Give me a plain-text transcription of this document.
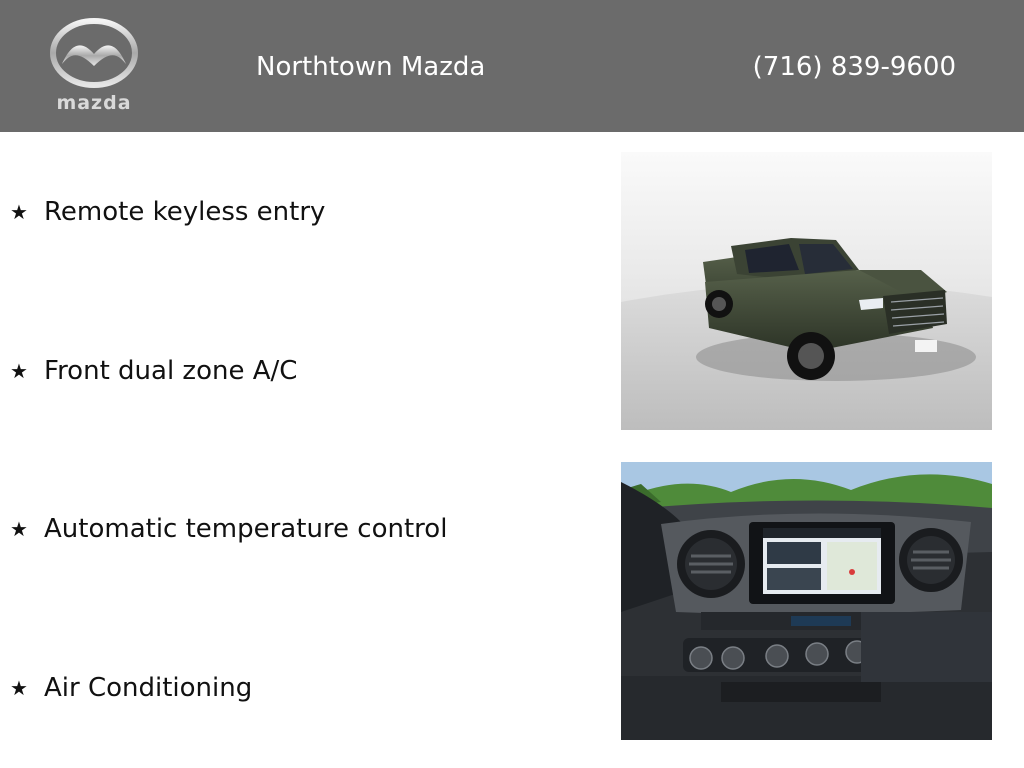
mazda
Northtown Mazda	(716) 839-9600
★ Remote keyless entry
★ Front dual zone A/C
★ Automatic temperature control
★ Air Conditioning
